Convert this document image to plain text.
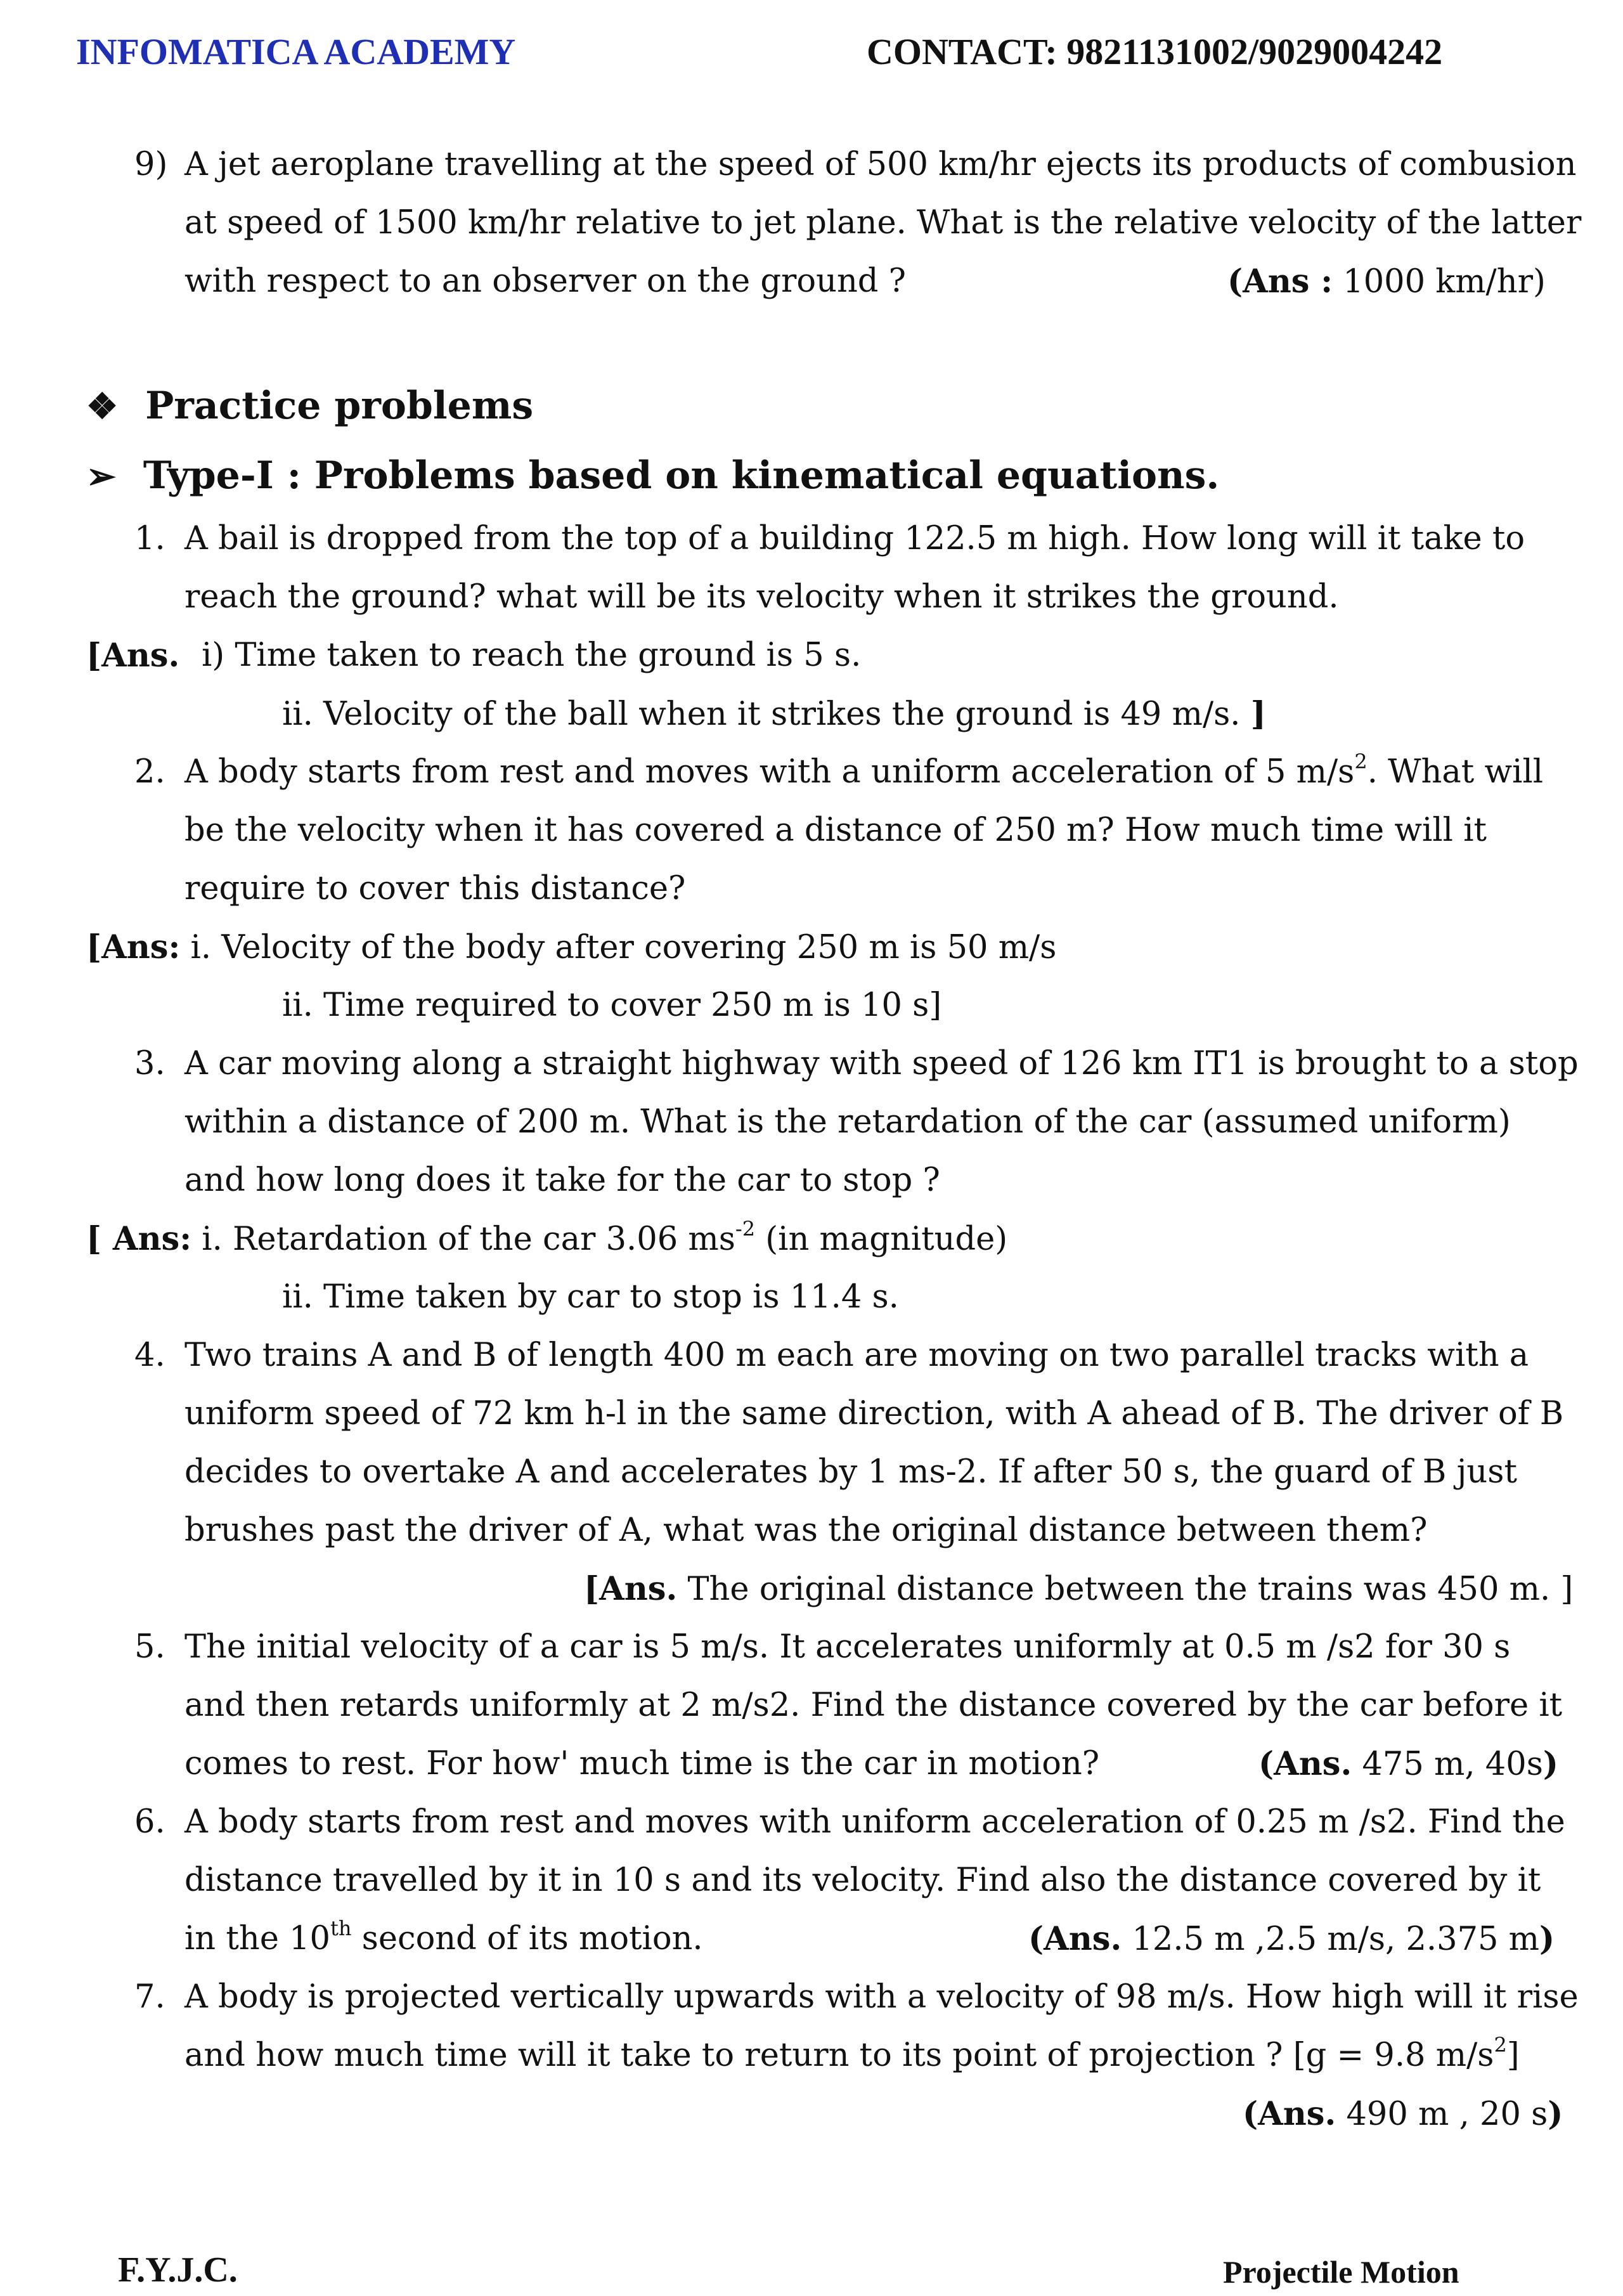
INFOMATICA ACADEMY	CONTACT: 9821131002/9029004242
9) A jet aeroplane travelling at the speed of 500 km/hr ejects its products of combusion
at speed of 1500 km/hr relative to jet plane. What is the relative velocity of the latter
with respect to an observer on the ground ?	(Ans : 1000 km/hr)
❖ Practice problems
➢ Type-I : Problems based on kinematical equations.
1. A bail is dropped from the top of a building 122.5 m high. How long will it take to
reach the ground? what will be its velocity when it strikes the ground.
[Ans. i) Time taken to reach the ground is 5 s.
ii. Velocity of the ball when it strikes the ground is 49 m/s. ]
2. A body starts from rest and moves with a uniform acceleration of 5 $m/s^2$. What will
be the velocity when it has covered a distance of 250 m? How much time will it
require to cover this distance?
[Ans: i. Velocity of the body after covering 250 m is 50 m/s
ii. Time required to cover 250 m is 10 s]
3. A car moving along a straight highway with speed of 126 km IT1 is brought to a stop
within a distance of 200 m. What is the retardation of the car (assumed uniform)
and how long does it take for the car to stop ?
[ Ans: i. Retardation of the car 3.06 $ms^{-2}$ (in magnitude)
ii. Time taken by car to stop is 11.4 s.
4. Two trains A and B of length 400 m each are moving on two parallel tracks with a
uniform speed of 72 km h-l in the same direction, with A ahead of B. The driver of B
decides to overtake A and accelerates by 1 ms-2. If after 50 s, the guard of B just
brushes past the driver of A, what was the original distance between them?
[Ans. The original distance between the trains was 450 m. ]
5. The initial velocity of a car is 5 m/s. It accelerates uniformly at 0.5 m /s2 for 30 s
and then retards uniformly at 2 m/s2. Find the distance covered by the car before it
comes to rest. For how' much time is the car in motion?	(Ans. 475 m, 40s)
6. A body starts from rest and moves with uniform acceleration of 0.25 m /s2. Find the
distance travelled by it in 10 s and its velocity. Find also the distance covered by it
in the 10th second of its motion.	(Ans. 12.5 m ,2.5 m/s, 2.375 m)
7. A body is projected vertically upwards with a velocity of 98 m/s. How high will it rise
and how much time will it take to return to its point of projection ? [g = 9.8 $m/s^2$]
(Ans. 490 m , 20 s)
F.Y.J.C.	Projectile Motion
